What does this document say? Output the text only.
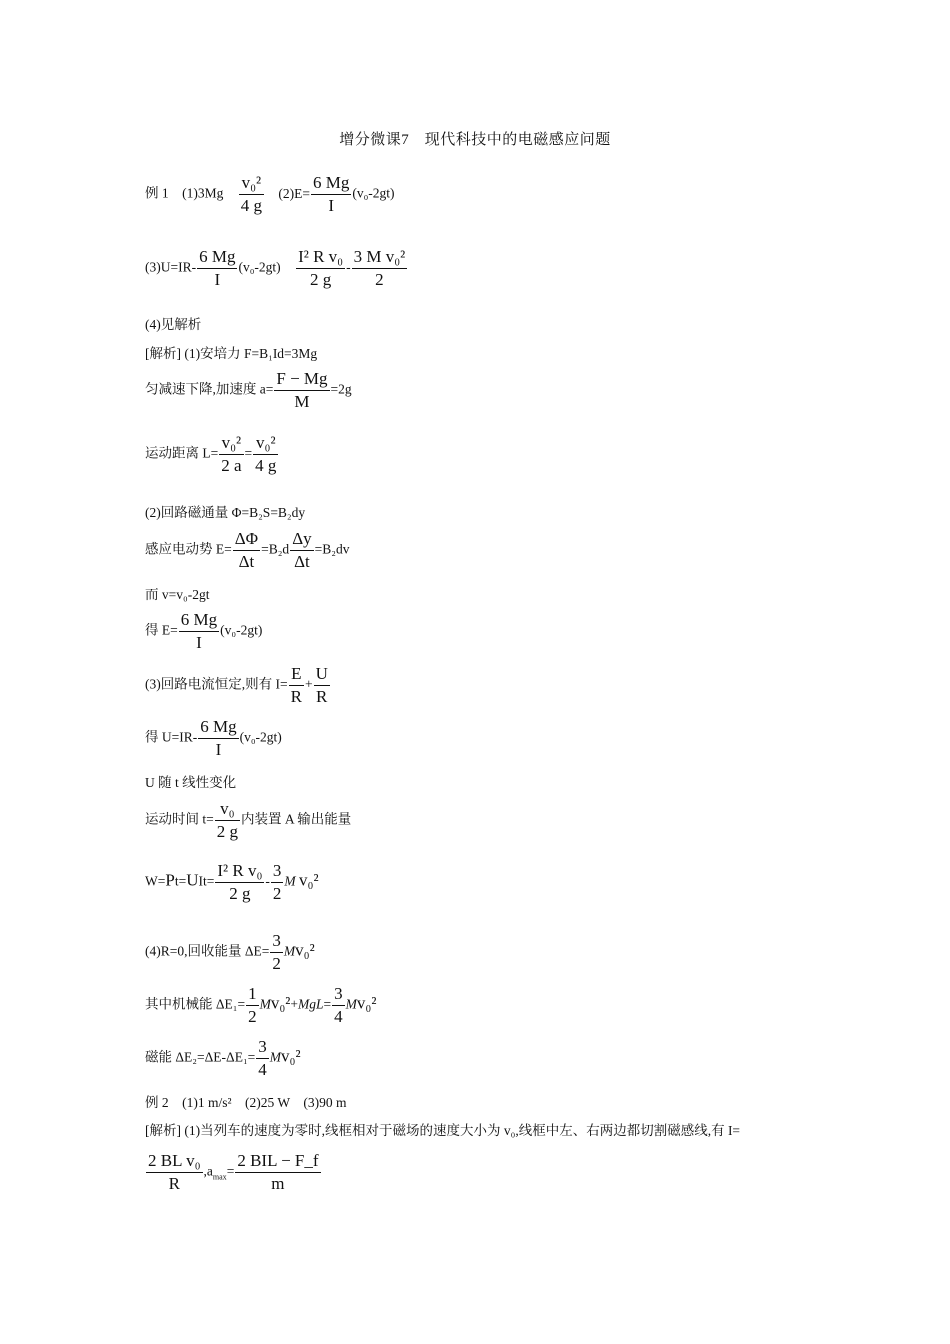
增分微课7　现代科技中的电磁感应问题
例 1　$(1)3Mg \frac{\text{v₀²}}{4 g} (2)E= \frac{6 Mg}{I} (v_0-2gt)$
$(3)U=IR- \frac{6 Mg}{I} (v_0-2gt) \frac{\text{I² R v₀}}{2 g} - \frac{\text{3 M v₀²}}{2}$
(4)见解析
[解析] (1)安培力 F=B₁Id=3Mg
匀减速下降,加速度 $a= \frac{F - Mg}{M} =2g$
运动距离 $L= \frac{\text{v₀²}}{2 a} = \frac{\text{v₀²}}{4 g}$
(2)回路磁通量 Φ=B₂S=B₂dy
感应电动势 $E= \frac{\Delta\Phi}{\Delta t} =B_2d \frac{\Delta y}{\Delta t} =B_2dv$
而 v=v₀-2gt
得 $E= \frac{6 Mg}{I} (v_0-2gt)$
(3)回路电流恒定,则有 $I= \frac{E}{R} + \frac{U}{R}$
得 $U=IR- \frac{6 Mg}{I} (v_0-2gt)$
U 随 t 线性变化
运动时间 $t= \frac{\text{v₀}}{2 g}$ 内装置 A 输出能量
$W=Pt=UIt= \frac{\text{I² R v₀}}{2 g} - \frac{3}{2}$ M v₀²
(4)R=0,回收能量 $\Delta E= \frac{3}{2} Mv_0^2$
其中机械能 $\Delta E_1= \frac{1}{2} Mv_0^2+MgL= \frac{3}{4} Mv_0^2$
磁能 $\Delta E_2=\Delta E-\Delta E_1= \frac{3}{4} Mv_0^2$
例 2　(1)1 m/s²　(2)25 W　(3)90 m
[解析] (1)当列车的速度为零时,线框相对于磁场的速度大小为 v₀,线框中左、右两边都切割磁感线,有 I=
$\frac{\text{2 BL v₀}}{R} ,a_{max}= \frac{\text{2 BIL − F\_f}}{m}$
